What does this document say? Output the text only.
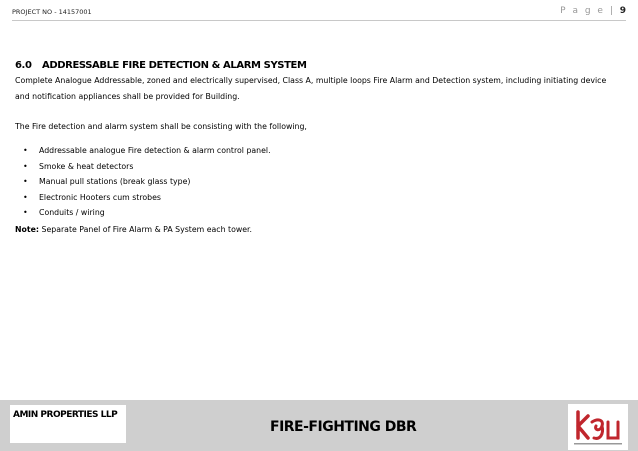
PROJECT NO - 14157001	P a g e | 9
6.0 ADDRESSABLE FIRE DETECTION & ALARM SYSTEM

Complete Analogue Addressable, zoned and electrically supervised, Class A, multiple loops Fire Alarm and Detection system, including initiating device and notification appliances shall be provided for Building.

The Fire detection and alarm system shall be consisting with the following,

• Addressable analogue Fire detection & alarm control panel.
• Smoke & heat detectors
• Manual pull stations (break glass type)
• Electronic Hooters cum strobes
• Conduits / wiring

Note: Separate Panel of Fire Alarm & PA System each tower.

AMIN PROPERTIES LLP
FIRE-FIGHTING DBR
